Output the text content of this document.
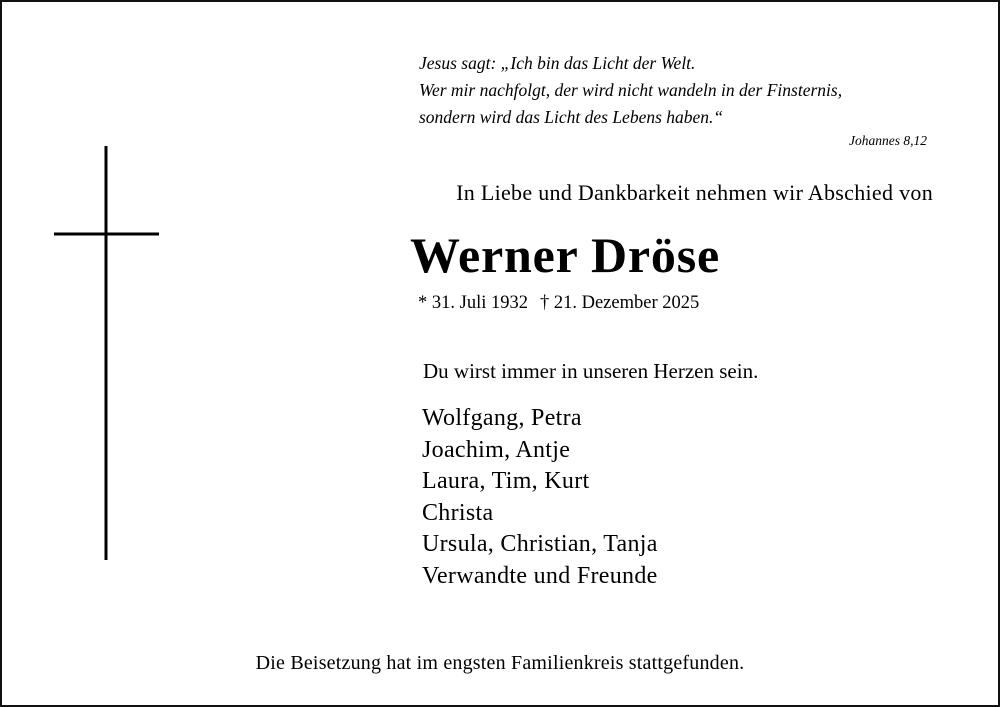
Jesus sagt: „Ich bin das Licht der Welt.
Wer mir nachfolgt, der wird nicht wandeln in der Finsternis,
sondern wird das Licht des Lebens haben.“
Johannes 8,12
In Liebe und Dankbarkeit nehmen wir Abschied von
Werner Dröse
* 31. Juli 1932 † 21. Dezember 2025
Du wirst immer in unseren Herzen sein.
Wolfgang, Petra
Joachim, Antje
Laura, Tim, Kurt
Christa
Ursula, Christian, Tanja
Verwandte und Freunde
Die Beisetzung hat im engsten Familienkreis stattgefunden.
